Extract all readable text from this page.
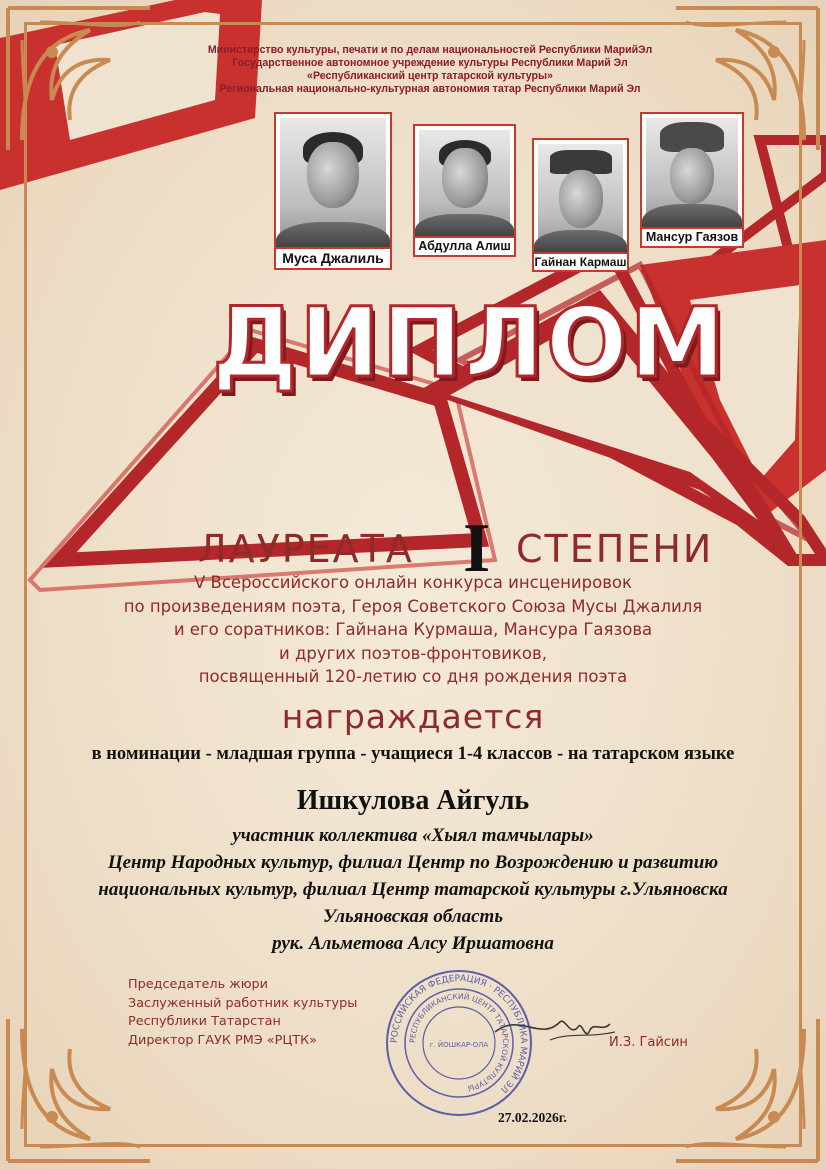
Министерство культуры, печати и по делам национальностей Республики МарийЭл
Государственное автономное учреждение культуры Республики Марий Эл
«Республиканский центр татарской культуры»
Региональная национально-культурная автономия татар Республики Марий Эл
Муса Джалиль
Абдулла Алиш
Гайнан Кармаш
Мансур Гаязов
ДИПЛОМ
ЛАУРЕАТА I СТЕПЕНИ
V Всероссийского онлайн конкурса инсценировок
по произведениям поэта, Героя Советского Союза Мусы Джалиля
и его соратников: Гайнана Курмаша, Мансура Гаязова
и других поэтов-фронтовиков,
посвященный 120-летию со дня рождения поэта
награждается
в номинации - младшая группа - учащиеся 1-4 классов - на татарском языке
Ишкулова Айгуль
участник коллектива «Хыял тамчылары»
Центр Народных культур, филиал Центр по Возрождению и развитию
национальных культур, филиал Центр татарской культуры г.Ульяновска
Ульяновская область
рук. Альметова Алсу Иршатовна
Председатель жюри
Заслуженный работник культуры
Республики Татарстан
Директор ГАУК РМЭ «РЦТК»	РОССИЙСКАЯ ФЕДЕРАЦИЯ · РЕСПУБЛИКА МАРИЙ ЭЛ
РЕСПУБЛИКАНСКИЙ ЦЕНТР ТАТАРСКОЙ КУЛЬТУРЫ
г. ЙОШКАР-ОЛА	И.З. Гайсин
27.02.2026г.
